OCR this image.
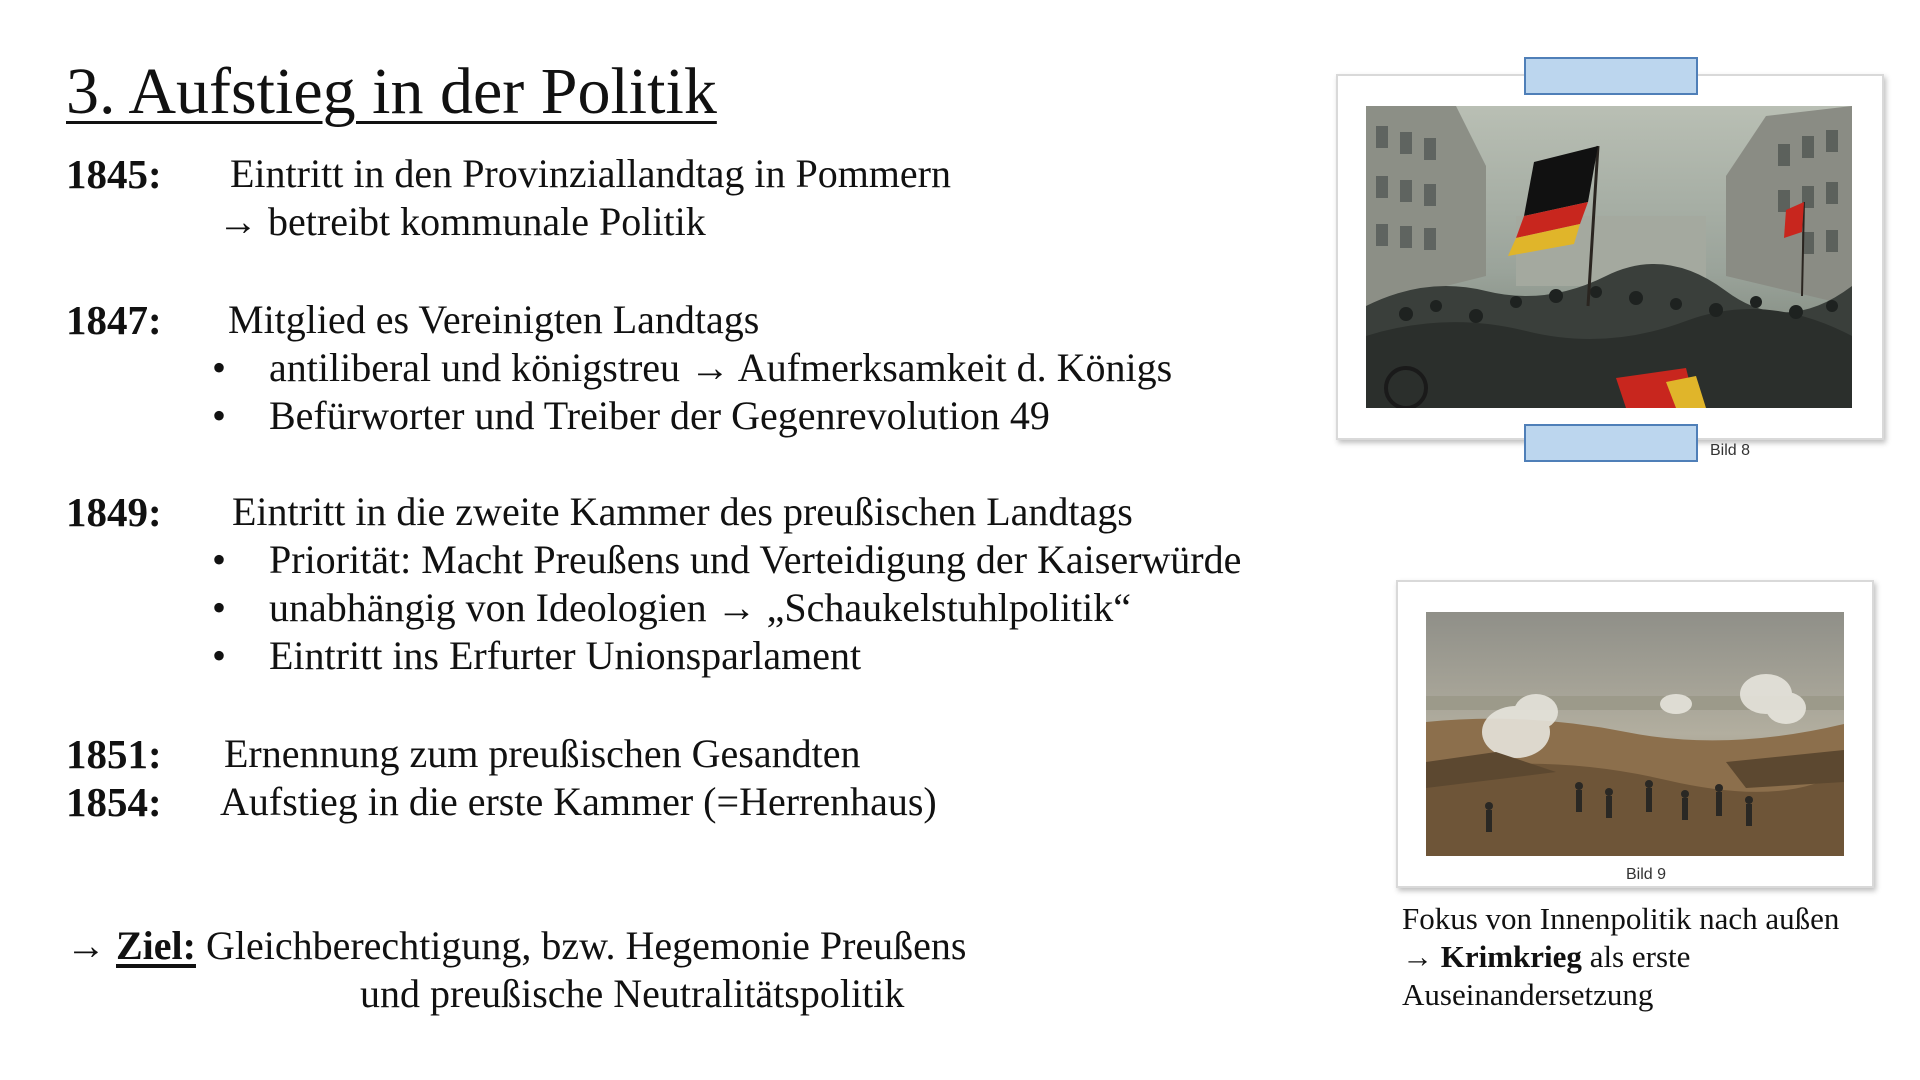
3. Aufstieg in der Politik
1845: Eintritt in den Provinziallandtag in Pommern
→ betreibt kommunale Politik
1847: Mitglied es Vereinigten Landtags
• antiliberal und königstreu → Aufmerksamkeit d. Königs
• Befürworter und Treiber der Gegenrevolution 49
1849: Eintritt in die zweite Kammer des preußischen Landtags
• Priorität: Macht Preußens und Verteidigung der Kaiserwürde
• unabhängig von Ideologien → „Schaukelstuhlpolitik“
• Eintritt ins Erfurter Unionsparlament
1851: Ernennung zum preußischen Gesandten
1854: Aufstieg in die erste Kammer (=Herrenhaus)
→ Ziel: Gleichberechtigung, bzw. Hegemonie Preußens
und preußische Neutralitätspolitik
Bild 8
Bild 9
Fokus von Innenpolitik nach außen
→ Krimkrieg als erste
Auseinandersetzung
